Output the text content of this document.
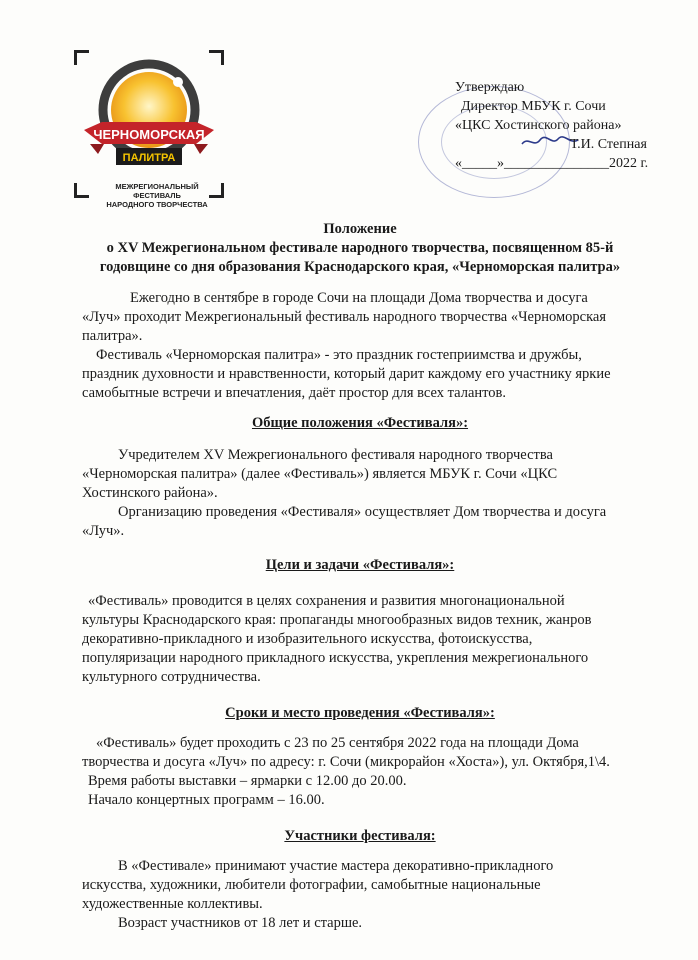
ЧЕРНОМОРСКАЯ
ПАЛИТРА
МЕЖРЕГИОНАЛЬНЫЙ ФЕСТИВАЛЬ
НАРОДНОГО ТВОРЧЕСТВА
Утверждаю
Директор МБУК г. Сочи
«ЦКС Хостинского района»
Т.И. Степная
«_____»_______________2022 г.
Положение
о XV Межрегиональном фестивале народного творчества, посвященном 85-й
годовщине со дня образования Краснодарского края, «Черноморская палитра»
Ежегодно в сентябре в городе Сочи на площади Дома творчества и досуга
«Луч» проходит Межрегиональный фестиваль народного творчества «Черноморская
палитра».
Фестиваль «Черноморская палитра» - это праздник гостеприимства и дружбы,
праздник духовности и нравственности, который дарит каждому его участнику яркие
самобытные встречи и впечатления, даёт простор для всех талантов.
Общие положения «Фестиваля»:
Учредителем XV Межрегионального фестиваля народного творчества
«Черноморская палитра» (далее «Фестиваль») является МБУК г. Сочи «ЦКС
Хостинского района».
Организацию проведения «Фестиваля» осуществляет Дом творчества и досуга
«Луч».
Цели и задачи «Фестиваля»:
«Фестиваль» проводится в целях сохранения и развития многонациональной
культуры Краснодарского края: пропаганды многообразных видов техник, жанров
декоративно-прикладного и изобразительного искусства, фотоискусства,
популяризации народного прикладного искусства, укрепления межрегионального
культурного сотрудничества.
Сроки и место проведения «Фестиваля»:
«Фестиваль» будет проходить с 23 по 25 сентября 2022 года на площади Дома
творчества и досуга «Луч» по адресу: г. Сочи (микрорайон «Хоста»), ул. Октября,1\4.
Время работы выставки – ярмарки с 12.00 до 20.00.
Начало концертных программ – 16.00.
Участники фестиваля:
В «Фестивале» принимают участие мастера декоративно-прикладного
искусства, художники, любители фотографии, самобытные национальные
художественные коллективы.
Возраст участников от 18 лет и старше.
